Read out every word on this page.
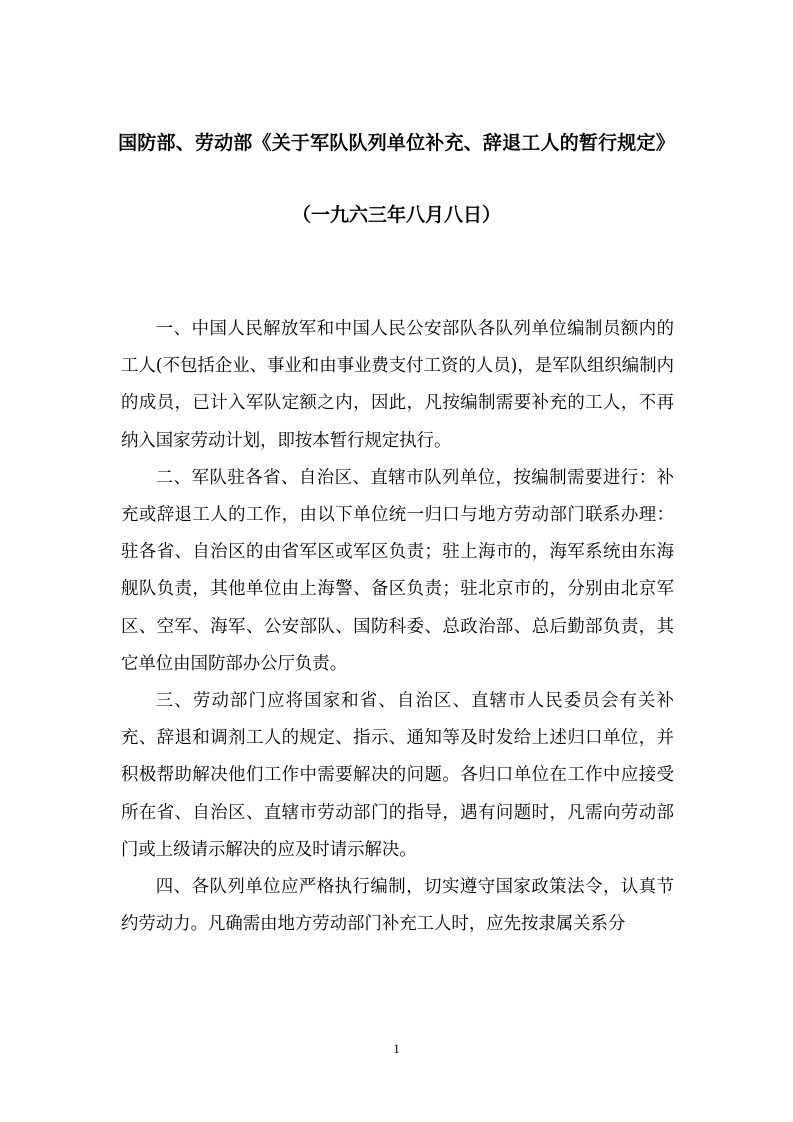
国防部、劳动部《关于军队队列单位补充、辞退工人的暂行规定》
（一九六三年八月八日）

一、中国人民解放军和中国人民公安部队各队列单位编制员额内的工人(不包括企业、事业和由事业费支付工资的人员)，是军队组织编制内的成员，已计入军队定额之内，因此，凡按编制需要补充的工人，不再纳入国家劳动计划，即按本暂行规定执行。

二、军队驻各省、自治区、直辖市队列单位，按编制需要进行：补充或辞退工人的工作，由以下单位统一归口与地方劳动部门联系办理：驻各省、自治区的由省军区或军区负责；驻上海市的，海军系统由东海舰队负责，其他单位由上海警、备区负责；驻北京市的，分别由北京军区、空军、海军、公安部队、国防科委、总政治部、总后勤部负责，其它单位由国防部办公厅负责。

三、劳动部门应将国家和省、自治区、直辖市人民委员会有关补充、辞退和调剂工人的规定、指示、通知等及时发给上述归口单位，并积极帮助解决他们工作中需要解决的问题。各归口单位在工作中应接受所在省、自治区、直辖市劳动部门的指导，遇有问题时，凡需向劳动部门或上级请示解决的应及时请示解决。

四、各队列单位应严格执行编制，切实遵守国家政策法令，认真节约劳动力。凡确需由地方劳动部门补充工人时，应先按隶属关系分

1
